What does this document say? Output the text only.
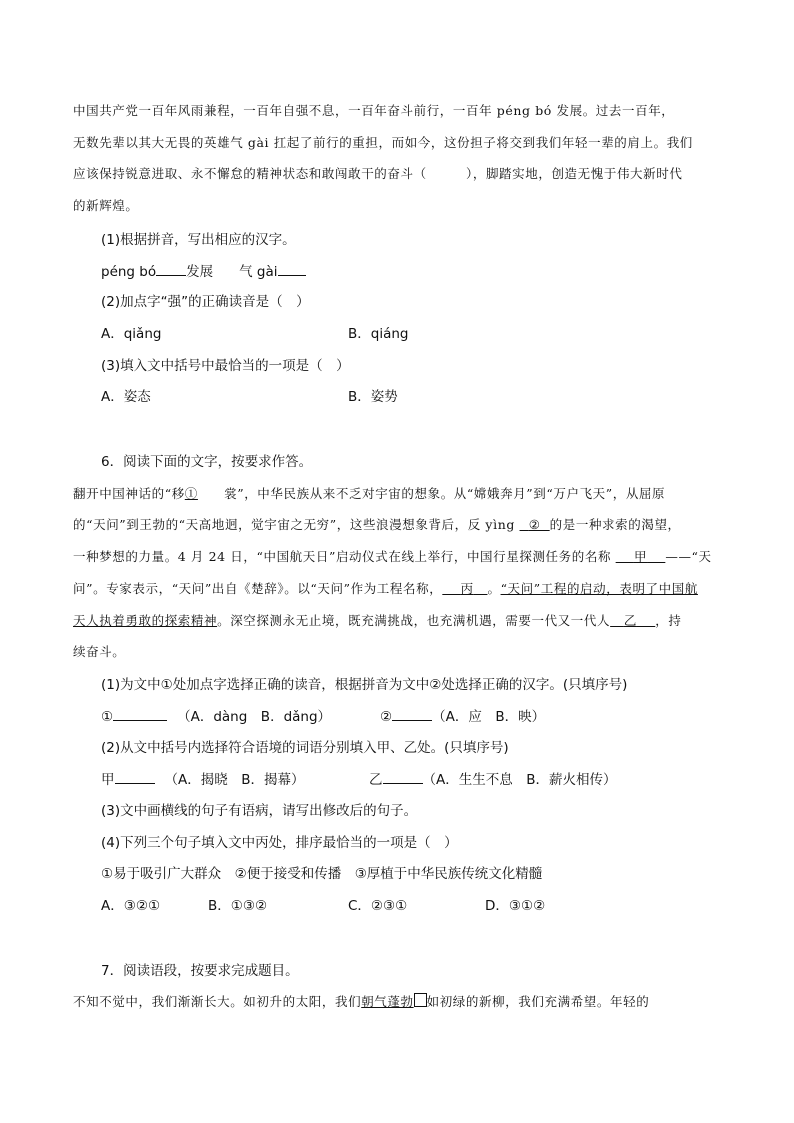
中国共产党一百年风雨兼程，一百年自强不息，一百年奋斗前行，一百年 péng bó 发展。过去一百年，
无数先辈以其大无畏的英雄气 gài 扛起了前行的重担，而如今，这份担子将交到我们年轻一辈的肩上。我们
应该保持锐意进取、永不懈怠的精神状态和敢闯敢干的奋斗（　　　），脚踏实地，创造无愧于伟大新时代
的新辉煌。
(1)根据拼音，写出相应的汉字。
péng bó 发展 气 gài
(2)加点字“强”的正确读音是（　）
A．qiǎng	B．qiáng
(3)填入文中括号中最恰当的一项是（　）
A．姿态	B．姿势
6．阅读下面的文字，按要求作答。
翻开中国神话的“移①　　裳”，中华民族从来不乏对宇宙的想象。从“嫦娥奔月”到“万户飞天”，从屈原
的“天问”到王勃的“天高地迥，觉宇宙之无穷”，这些浪漫想象背后，反 yìng   ② 的是一种求索的渴望，
一种梦想的力量。4 月 24 日，“中国航天日”启动仪式在线上举行，中国行星探测任务的名称     甲 ——“天
问”。专家表示，“天问”出自《楚辞》。以“天问”作为工程名称， 丙 。“天问”工程的启动，表明了中国航
天人执着勇敢的探索精神。深空探测永无止境，既充满挑战，也充满机遇，需要一代又一代人 乙 ，持
续奋斗。
(1)为文中①处加点字选择正确的读音，根据拼音为文中②处选择正确的汉字。(只填序号)
①	（A．dàng　B．dǎng）	②	（A．应　B．映）
(2)从文中括号内选择符合语境的词语分别填入甲、乙处。(只填序号)
甲	（A．揭晓　B．揭幕）	乙	（A．生生不息　B．薪火相传）
(3)文中画横线的句子有语病，请写出修改后的句子。
(4)下列三个句子填入文中丙处，排序最恰当的一项是（　）
①易于吸引广大群众　②便于接受和传播　③厚植于中华民族传统文化精髓
A．③②①	B．①③②	C．②③①	D．③①②
7．阅读语段，按要求完成题目。
不知不觉中，我们渐渐长大。如初升的太阳，我们朝气蓬勃 如初绿的新柳，我们充满希望。年轻的
